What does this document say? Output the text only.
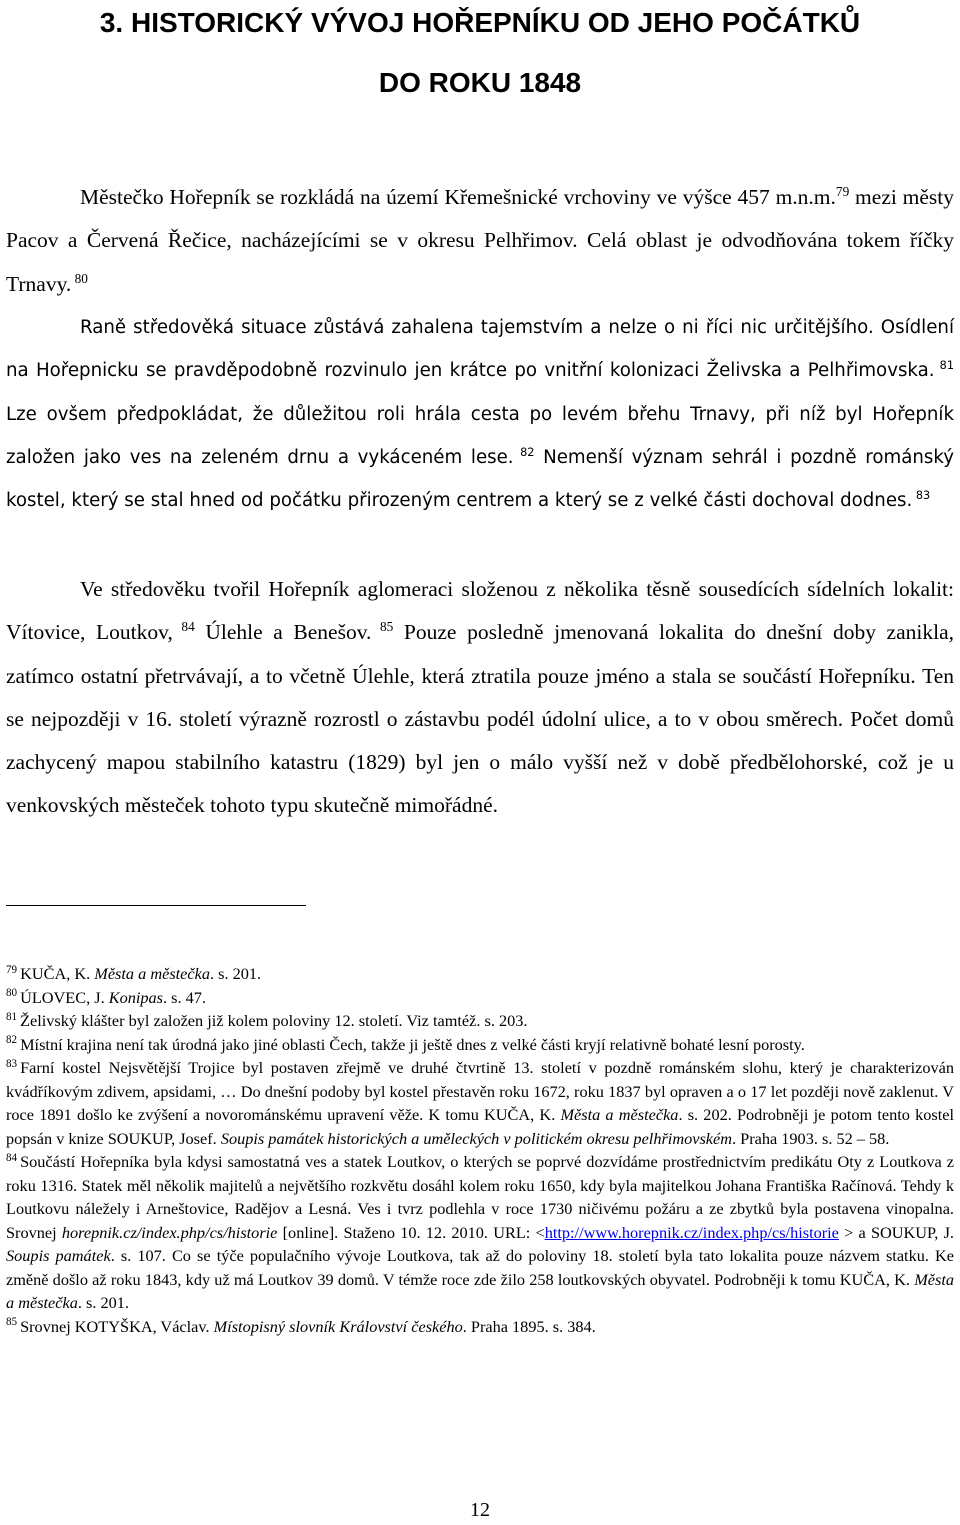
3. HISTORICKÝ VÝVOJ HOŘEPNÍKU OD JEHO POČÁTKŮ
DO ROKU 1848

Městečko Hořepník se rozkládá na území Křemešnické vrchoviny ve výšce 457 m.n.m.$^{79}$ mezi městy Pacov a Červená Řečice, nacházejícími se v okresu Pelhřimov. Celá oblast je odvodňována tokem říčky Trnavy. $^{80}$

Raně středověká situace zůstává zahalena tajemstvím a nelze o ni říci nic určitějšího. Osídlení na Hořepnicku se pravděpodobně rozvinulo jen krátce po vnitřní kolonizaci Želivska a Pelhřimovska. $^{81}$ Lze ovšem předpokládat, že důležitou roli hrála cesta po levém břehu Trnavy, při níž byl Hořepník založen jako ves na zeleném drnu a vykáceném lese. $^{82}$ Nemenší význam sehrál i pozdně románský kostel, který se stal hned od počátku přirozeným centrem a který se z velké části dochoval dodnes. $^{83}$

Ve středověku tvořil Hořepník aglomeraci složenou z několika těsně sousedících sídelních lokalit: Vítovice, Loutkov, $^{84}$ Úlehle a Benešov. $^{85}$ Pouze posledně jmenovaná lokalita do dnešní doby zanikla, zatímco ostatní přetrvávají, a to včetně Úlehle, která ztratila pouze jméno a stala se součástí Hořepníku. Ten se nejpozději v 16. století výrazně rozrostl o zástavbu podél údolní ulice, a to v obou směrech. Počet domů zachycený mapou stabilního katastru (1829) byl jen o málo vyšší než v době předbělohorské, což je u venkovských městeček tohoto typu skutečně mimořádné.

$^{79}$ KUČA, K. Města a městečka. s. 201.

$^{80}$ ÚLOVEC, J. Konipas. s. 47.

$^{81}$ Želivský klášter byl založen již kolem poloviny 12. století. Viz tamtéž. s. 203.

$^{82}$ Místní krajina není tak úrodná jako jiné oblasti Čech, takže ji ještě dnes z velké části kryjí relativně bohaté lesní porosty.

$^{83}$ Farní kostel Nejsvětější Trojice byl postaven zřejmě ve druhé čtvrtině 13. století v pozdně románském slohu, který je charakterizován kvádříkovým zdivem, apsidami, … Do dnešní podoby byl kostel přestavěn roku 1672, roku 1837 byl opraven a o 17 let později nově zaklenut. V roce 1891 došlo ke zvýšení a novorománskému upravení věže. K tomu KUČA, K. Města a městečka. s. 202. Podrobněji je potom tento kostel popsán v knize SOUKUP, Josef. Soupis památek historických a uměleckých v politickém okresu pelhřimovském. Praha 1903. s. 52 – 58.

$^{84}$ Součástí Hořepníka byla kdysi samostatná ves a statek Loutkov, o kterých se poprvé dozvídáme prostřednictvím predikátu Oty z Loutkova z roku 1316. Statek měl několik majitelů a největšího rozkvětu dosáhl kolem roku 1650, kdy byla majitelkou Johana Františka Račínová. Tehdy k Loutkovu náležely i Arneštovice, Radějov a Lesná. Ves i tvrz podlehla v roce 1730 ničivému požáru a ze zbytků byla postavena vinopalna. Srovnej horepnik.cz/index.php/cs/historie [online]. Staženo 10. 12. 2010. URL: <http://www.horepnik.cz/index.php/cs/historie > a SOUKUP, J. Soupis památek. s. 107. Co se týče populačního vývoje Loutkova, tak až do poloviny 18. století byla tato lokalita pouze názvem statku. Ke změně došlo až roku 1843, kdy už má Loutkov 39 domů. V témže roce zde žilo 258 loutkovských obyvatel. Podrobněji k tomu KUČA, K. Města a městečka. s. 201.

$^{85}$ Srovnej KOTYŠKA, Václav. Místopisný slovník Království českého. Praha 1895. s. 384.

12
